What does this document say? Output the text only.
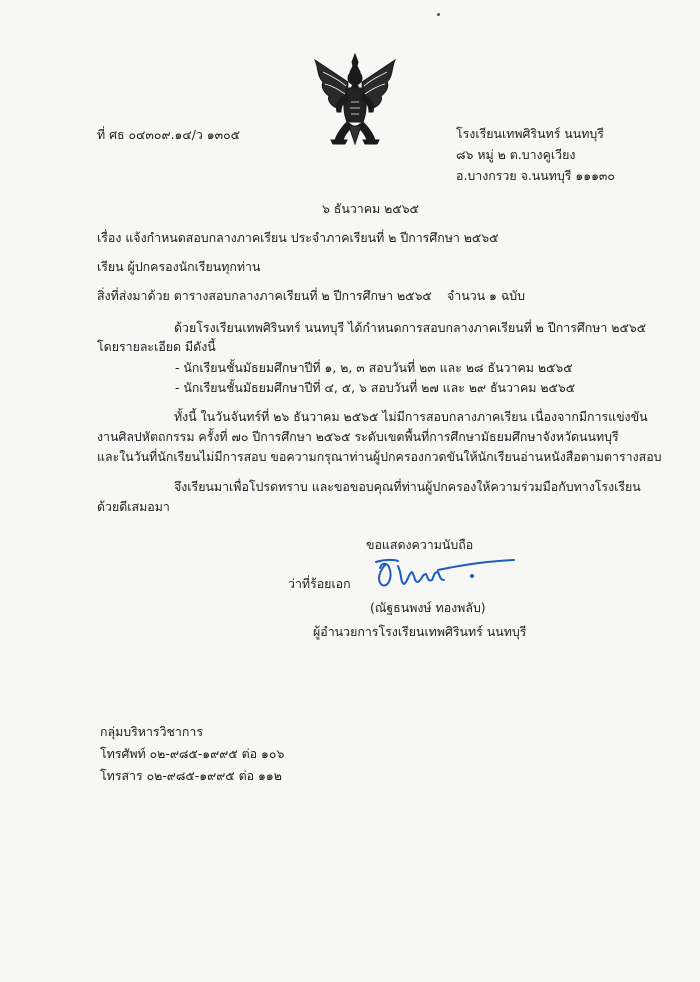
ที่ ศธ ๐๔๓๐๙.๑๔/ว ๑๓๐๕	โรงเรียนเทพศิรินทร์ นนทบุรี
๘๖ หมู่ ๒ ต.บางคูเวียง
อ.บางกรวย จ.นนทบุรี ๑๑๑๓๐
๖ ธันวาคม ๒๕๖๕
เรื่อง แจ้งกำหนดสอบกลางภาคเรียน ประจำภาคเรียนที่ ๒ ปีการศึกษา ๒๕๖๕
เรียน ผู้ปกครองนักเรียนทุกท่าน
สิ่งที่ส่งมาด้วย ตารางสอบกลางภาคเรียนที่ ๒ ปีการศึกษา ๒๕๖๕ จำนวน ๑ ฉบับ
ด้วยโรงเรียนเทพศิรินทร์ นนทบุรี ได้กำหนดการสอบกลางภาคเรียนที่ ๒ ปีการศึกษา ๒๕๖๕
โดยรายละเอียด มีดังนี้
- นักเรียนชั้นมัธยมศึกษาปีที่ ๑, ๒, ๓ สอบวันที่ ๒๓ และ ๒๘ ธันวาคม ๒๕๖๕
- นักเรียนชั้นมัธยมศึกษาปีที่ ๔, ๕, ๖ สอบวันที่ ๒๗ และ ๒๙ ธันวาคม ๒๕๖๕
ทั้งนี้ ในวันจันทร์ที่ ๒๖ ธันวาคม ๒๕๖๕ ไม่มีการสอบกลางภาคเรียน เนื่องจากมีการแข่งขัน
งานศิลปหัตถกรรม ครั้งที่ ๗๐ ปีการศึกษา ๒๕๖๕ ระดับเขตพื้นที่การศึกษามัธยมศึกษาจังหวัดนนทบุรี
และในวันที่นักเรียนไม่มีการสอบ ขอความกรุณาท่านผู้ปกครองกวดขันให้นักเรียนอ่านหนังสือตามตารางสอบ
จึงเรียนมาเพื่อโปรดทราบ และขอขอบคุณที่ท่านผู้ปกครองให้ความร่วมมือกับทางโรงเรียน
ด้วยดีเสมอมา
ขอแสดงความนับถือ
ว่าที่ร้อยเอก
(ณัฐธนพงษ์ ทองพลับ)
ผู้อำนวยการโรงเรียนเทพศิรินทร์ นนทบุรี
กลุ่มบริหารวิชาการ
โทรศัพท์ ๐๒-๙๘๕-๑๙๙๕ ต่อ ๑๐๖
โทรสาร ๐๒-๙๘๕-๑๙๙๕ ต่อ ๑๑๒
